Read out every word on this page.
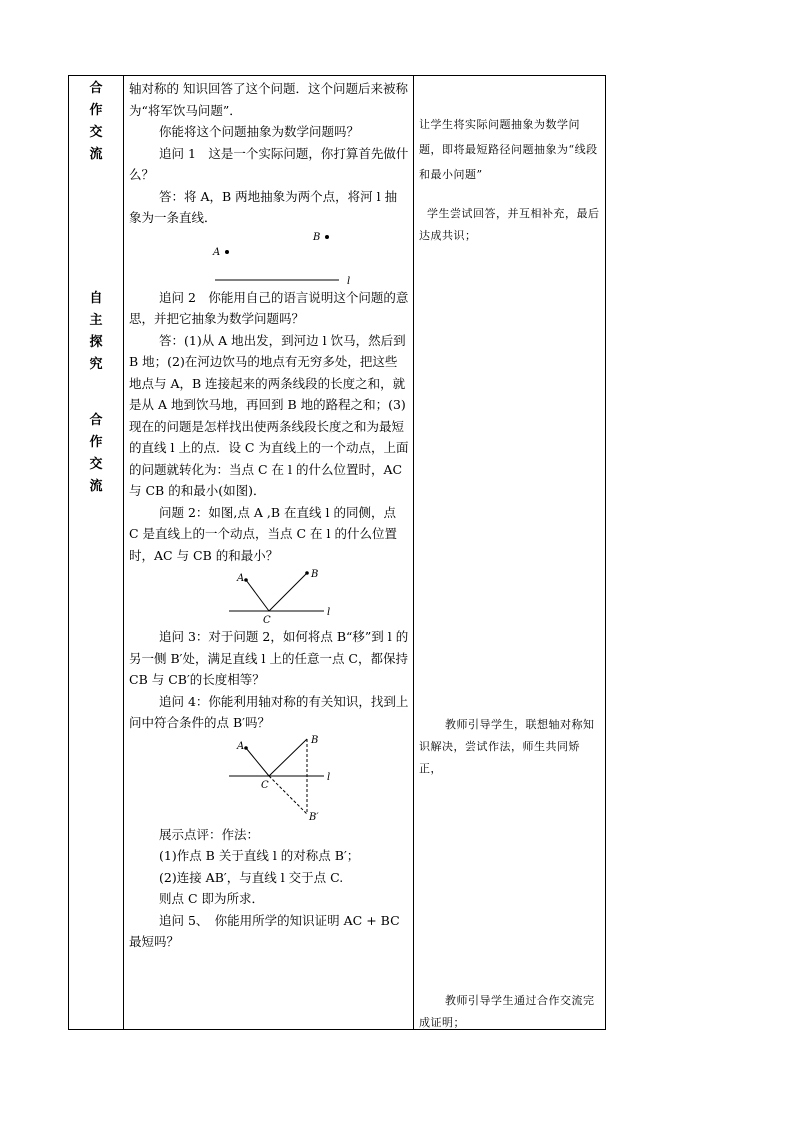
合
作
交
流
自
主
探
究
合
作
交
流

轴对称的 知识回答了这个问题．这个问题后来被称为“将军饮马问题”．

你能将这个问题抽象为数学问题吗？

追问 1　这是一个实际问题，你打算首先做什么？

答：将 A，B 两地抽象为两个点，将河 l 抽象为一条直线．

A
B
l

追问 2　你能用自己的语言说明这个问题的意思，并把它抽象为数学问题吗？

答：(1)从 A 地出发，到河边 l 饮马，然后到 B 地；(2)在河边饮马的地点有无穷多处，把这些地点与 A，B 连接起来的两条线段的长度之和，就是从 A 地到饮马地，再回到 B 地的路程之和；(3)现在的问题是怎样找出使两条线段长度之和为最短的直线 l 上的点．设 C 为直线上的一个动点，上面的问题就转化为：当点 C 在 l 的什么位置时，AC 与 CB 的和最小(如图)．

问题 2：如图,点 A ,B 在直线 l 的同侧，点 C 是直线上的一个动点，当点 C 在 l 的什么位置时，AC 与 CB 的和最小？

A	B
C
l

追问 3：对于问题 2，如何将点 B“移”到 l 的另一侧 B′处，满足直线 l 上的任意一点 C，都保持 CB 与 CB′的长度相等？

追问 4：你能利用轴对称的有关知识，找到上问中符合条件的点 B′吗？

A
B
C
l
B′

展示点评：作法：

(1)作点 B 关于直线 l 的对称点 B′；

(2)连接 AB′，与直线 l 交于点 C.

则点 C 即为所求．

追问 5、　你能用所学的知识证明 AC + BC 最短吗？

让学生将实际问题抽象为数学问题，即将最短路径问题抽象为“线段和最小问题”
学生尝试回答，并互相补充，最后达成共识；
教师引导学生，联想轴对称知识解决，尝试作法，师生共同矫正，
教师引导学生通过合作交流完成证明；
